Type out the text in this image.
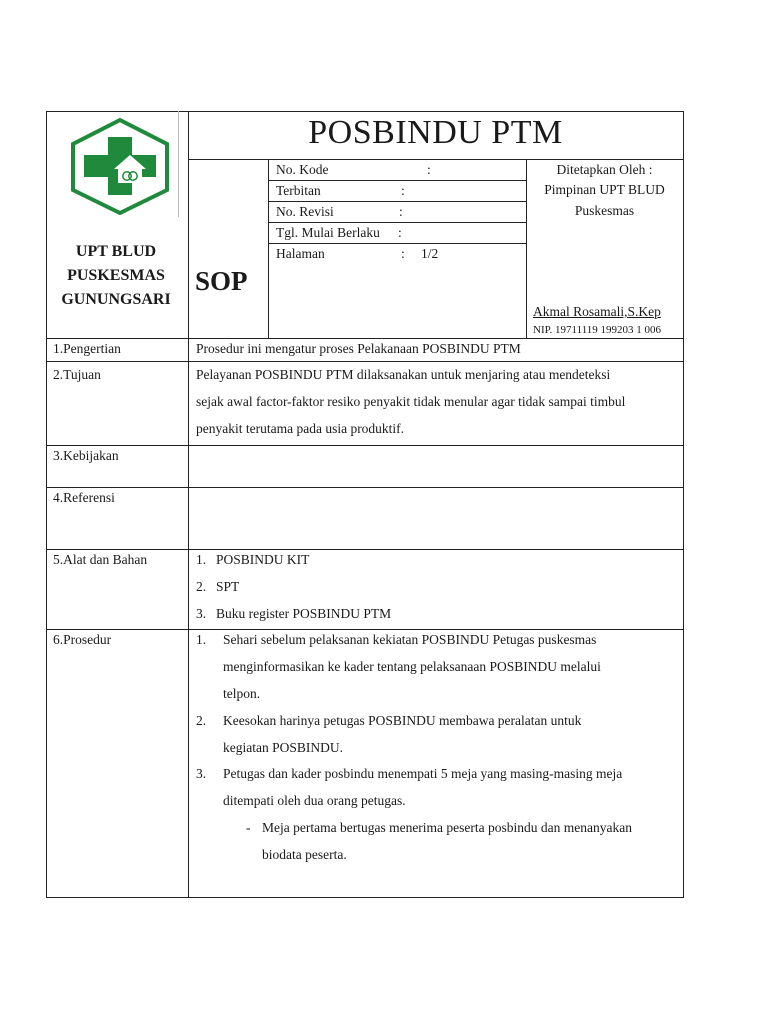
UPT BLUD
PUSKESMAS
GUNUNGSARI
POSBINDU PTM
SOP
No. Kode	:
Terbitan	:
No. Revisi	:
Tgl. Mulai Berlaku :
Halaman	: 1/2
Ditetapkan Oleh :
Pimpinan UPT BLUD
Puskesmas
Akmal Rosamali,S.Kep
NIP. 19711119 199203 1 006
1.Pengertian	Prosedur ini mengatur proses Pelakanaan POSBINDU PTM
2.Tujuan	Pelayanan POSBINDU PTM dilaksanakan untuk menjaring atau mendeteksi
sejak awal factor-faktor resiko penyakit tidak menular agar tidak sampai timbul
penyakit terutama pada usia produktif.
3.Kebijakan
4.Referensi
5.Alat dan Bahan	1. POSBINDU KIT
2. SPT
3. Buku register POSBINDU PTM
6.Prosedur	1. Sehari sebelum pelaksanan kekiatan POSBINDU Petugas puskesmas
menginformasikan ke kader tentang pelaksanaan POSBINDU melalui
telpon.
2. Keesokan harinya petugas POSBINDU membawa peralatan untuk
kegiatan POSBINDU.
3. Petugas dan kader posbindu menempati 5 meja yang masing-masing meja
ditempati oleh dua orang petugas.
- Meja pertama bertugas menerima peserta posbindu dan menanyakan
biodata peserta.
